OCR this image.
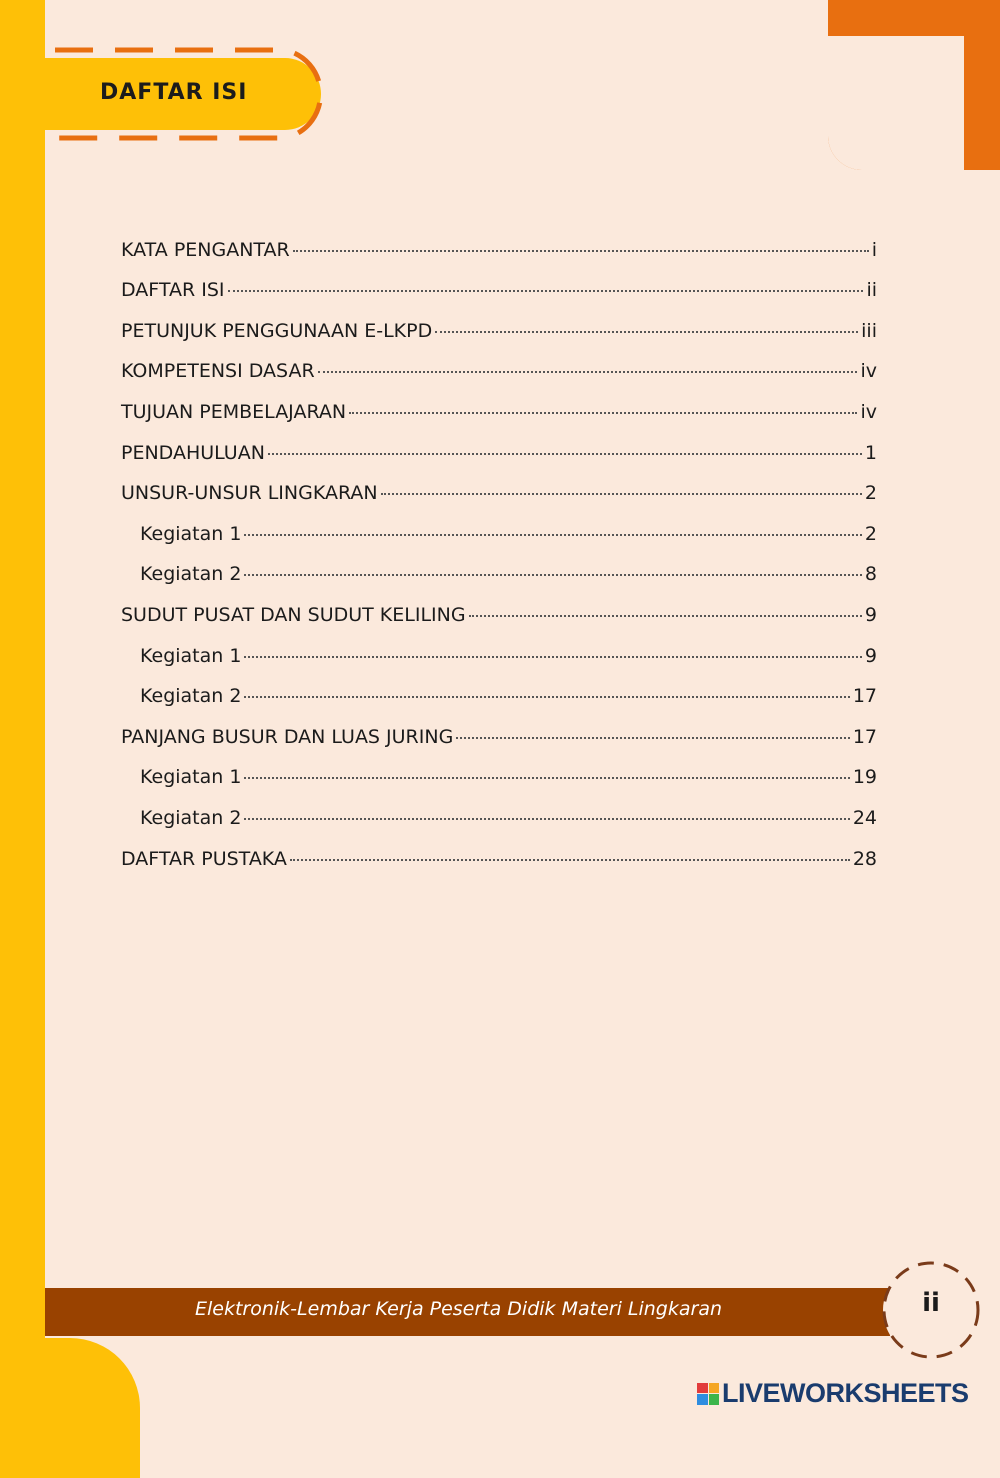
DAFTAR ISI
KATA PENGANTAR	i
DAFTAR ISI	ii
PETUNJUK PENGGUNAAN E-LKPD	iii
KOMPETENSI DASAR	iv
TUJUAN PEMBELAJARAN	iv
PENDAHULUAN	1
UNSUR-UNSUR LINGKARAN	2
Kegiatan 1	2
Kegiatan 2	8
SUDUT PUSAT DAN SUDUT KELILING	9
Kegiatan 1	9
Kegiatan 2	17
PANJANG BUSUR DAN LUAS JURING	17
Kegiatan 1	19
Kegiatan 2	24
DAFTAR PUSTAKA	28
Elektronik-Lembar Kerja Peserta Didik Materi Lingkaran	ii
LIVEWORKSHEETS
